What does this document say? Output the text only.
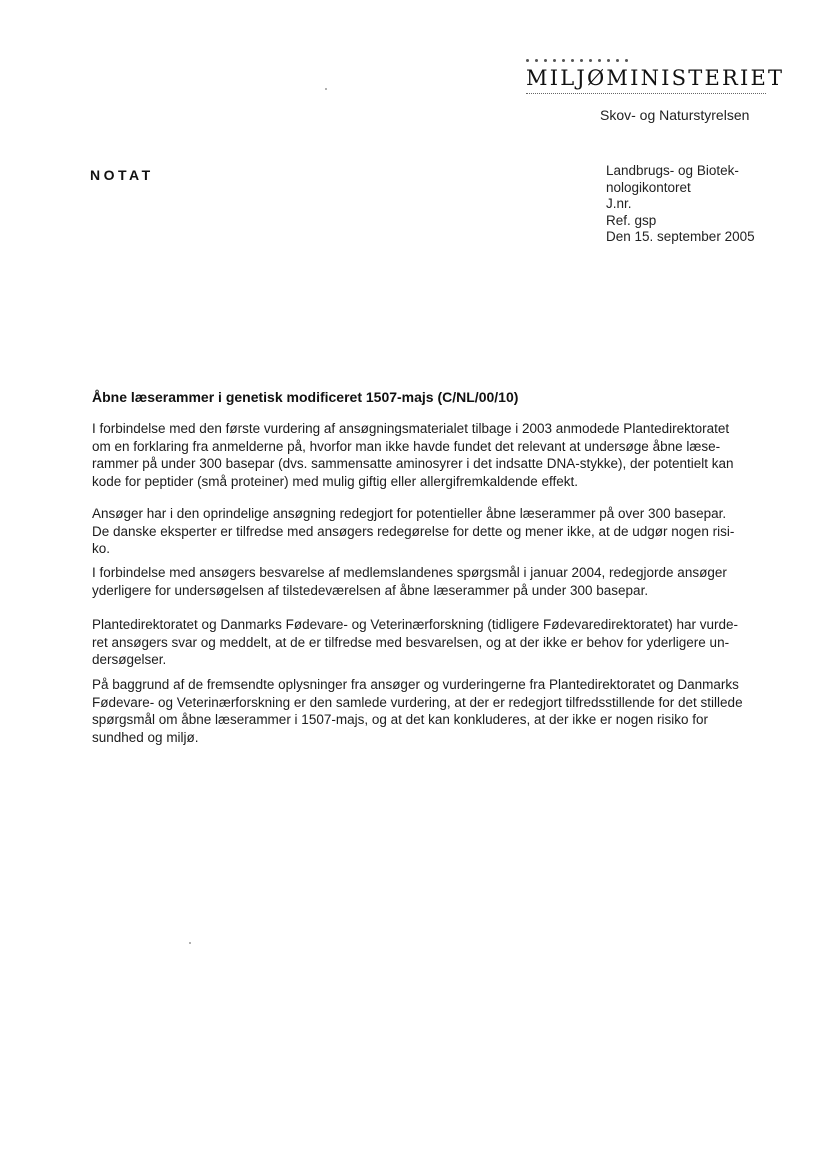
MILJØMINISTERIET
Skov- og Naturstyrelsen
NOTAT	Landbrugs- og Biotek-
nologikontoret
J.nr.
Ref. gsp
Den 15. september 2005
Åbne læserammer i genetisk modificeret 1507-majs (C/NL/00/10)
I forbindelse med den første vurdering af ansøgningsmaterialet tilbage i 2003 anmodede Plantedirektoratet
om en forklaring fra anmelderne på, hvorfor man ikke havde fundet det relevant at undersøge åbne læse-
rammer på under 300 basepar (dvs. sammensatte aminosyrer i det indsatte DNA-stykke), der potentielt kan
kode for peptider (små proteiner) med mulig giftig eller allergifremkaldende effekt.
Ansøger har i den oprindelige ansøgning redegjort for potentieller åbne læserammer på over 300 basepar.
De danske eksperter er tilfredse med ansøgers redegørelse for dette og mener ikke, at de udgør nogen risi-
ko.
I forbindelse med ansøgers besvarelse af medlemslandenes spørgsmål i januar 2004, redegjorde ansøger
yderligere for undersøgelsen af tilstedeværelsen af åbne læserammer på under 300 basepar.
Plantedirektoratet og Danmarks Fødevare- og Veterinærforskning (tidligere Fødevaredirektoratet) har vurde-
ret ansøgers svar og meddelt, at de er tilfredse med besvarelsen, og at der ikke er behov for yderligere un-
dersøgelser.
På baggrund af de fremsendte oplysninger fra ansøger og vurderingerne fra Plantedirektoratet og Danmarks
Fødevare- og Veterinærforskning er den samlede vurdering, at der er redegjort tilfredsstillende for det stillede
spørgsmål om åbne læserammer i 1507-majs, og at det kan konkluderes, at der ikke er nogen risiko for
sundhed og miljø.
